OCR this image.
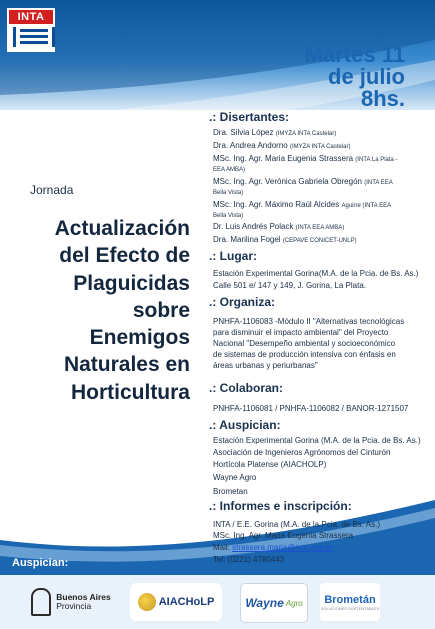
INTA
Martes 11
de julio
8hs.
Jornada
Actualización
del Efecto de
Plaguicidas
sobre
Enemigos
Naturales en
Horticultura
.: Disertantes:
Dra. Silvia López (IMYZA INTA Castelar)
Dra. Andrea Andorno (IMYZA INTA Castelar)
MSc. Ing. Agr. Maria Eugenia Strassera (INTA La Plata -
EEA AMBA)
MSc. Ing. Agr. Verónica Gabriela Obregón (INTA EEA
Bella Vista)
MSc. Ing. Agr. Máximo Raúl Alcides Aguirre (INTA EEA
Bella Vista)
Dr. Luis Andrés Polack (INTA EEA AMBA)
Dra. Marilina Fogel (CEPAVE CONICET-UNLP)
.: Lugar:
Estación Experimental Gorina(M.A. de la Pcia. de Bs. As.)
Calle 501 e/ 147 y 149, J. Gorina, La Plata.
.: Organiza:
PNHFA-1106083 -Módulo II "Alternativas tecnológicas
para disminuir el impacto ambiental" del Proyecto
Nacional "Desempeño ambiental y socioeconómico
de sistemas de producción intensiva con énfasis en
áreas urbanas y periurbanas"
.: Colaboran:
PNHFA-1106081 / PNHFA-1106082 / BANOR-1271507
.: Auspician:
Estación Experimental Gorina (M.A. de la Pcia. de Bs. As.)
Asociación de Ingenieros Agrónomos del Cinturón
Hortícola Platense (AIACHOLP)
Wayne Agro
Brometan
.: Informes e inscripción:
INTA / E.E. Gorina (M.A. de la Pcia. de Bs. As.)
MSc. Ing. Agr. Maria Eugenia Strassera
Mail: strassera.maria@inta.gob.ar
Tel: (0221) 4780443
Auspician:
Buenos Aires
Provincia	AIACHoLP	Wayne Agro Brometán
SOLUCIONES SUSTENTABLES
